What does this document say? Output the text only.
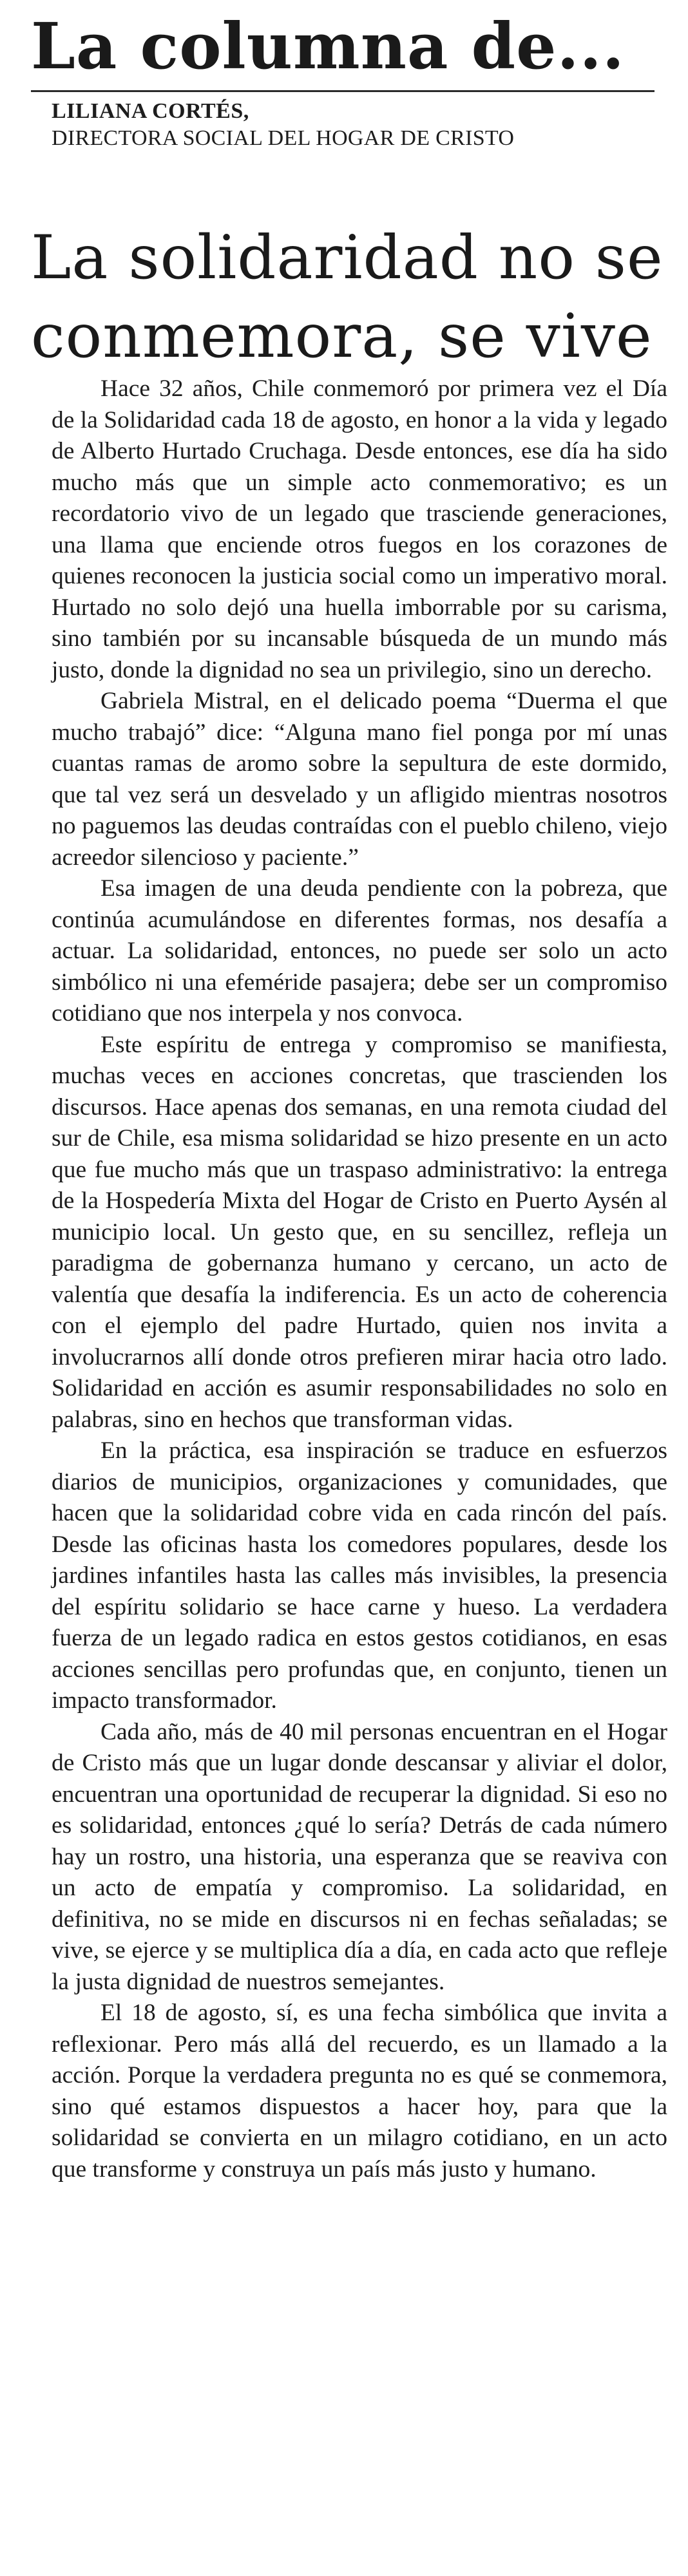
La columna de...
LILIANA CORTÉS,
DIRECTORA SOCIAL DEL HOGAR DE CRISTO
La solidaridad no se conmemora, se vive

Hace 32 años, Chile conmemoró por primera vez el Día de la Solidaridad cada 18 de agosto, en honor a la vida y legado de Alberto Hurtado Cruchaga. Desde entonces, ese día ha sido mucho más que un simple acto conmemorativo; es un recordatorio vivo de un legado que trasciende generaciones, una llama que enciende otros fuegos en los corazones de quienes reconocen la justicia social como un imperativo moral. Hurtado no solo dejó una huella imborrable por su carisma, sino también por su incansable búsqueda de un mundo más justo, donde la dignidad no sea un privilegio, sino un derecho.

Gabriela Mistral, en el delicado poema “Duerma el que mucho trabajó” dice: “Alguna mano fiel ponga por mí unas cuantas ramas de aromo sobre la sepultura de este dormido, que tal vez será un desvelado y un afligido mientras nosotros no paguemos las deudas contraídas con el pueblo chileno, viejo acreedor silencioso y paciente.”

Esa imagen de una deuda pendiente con la pobreza, que continúa acumulándose en diferentes formas, nos desafía a actuar. La solidaridad, entonces, no puede ser solo un acto simbólico ni una efeméride pasajera; debe ser un compromiso cotidiano que nos interpela y nos convoca.

Este espíritu de entrega y compromiso se manifiesta, muchas veces en acciones concretas, que trascienden los discursos. Hace apenas dos semanas, en una remota ciudad del sur de Chile, esa misma solidaridad se hizo presente en un acto que fue mucho más que un traspaso administrativo: la entrega de la Hospedería Mixta del Hogar de Cristo en Puerto Aysén al municipio local. Un gesto que, en su sencillez, refleja un paradigma de gobernanza humano y cercano, un acto de valentía que desafía la indiferencia. Es un acto de coherencia con el ejemplo del padre Hurtado, quien nos invita a involucrarnos allí donde otros prefieren mirar hacia otro lado. Solidaridad en acción es asumir responsabilidades no solo en palabras, sino en hechos que transforman vidas.

En la práctica, esa inspiración se traduce en esfuerzos diarios de municipios, organizaciones y comunidades, que hacen que la solidaridad cobre vida en cada rincón del país. Desde las oficinas hasta los comedores populares, desde los jardines infantiles hasta las calles más invisibles, la presencia del espíritu solidario se hace carne y hueso. La verdadera fuerza de un legado radica en estos gestos cotidianos, en esas acciones sencillas pero profundas que, en conjunto, tienen un impacto transformador.

Cada año, más de 40 mil personas encuentran en el Hogar de Cristo más que un lugar donde descansar y aliviar el dolor, encuentran una oportunidad de recuperar la dignidad. Si eso no es solidaridad, entonces ¿qué lo sería? Detrás de cada número hay un rostro, una historia, una esperanza que se reaviva con un acto de empatía y compromiso. La solidaridad, en definitiva, no se mide en discursos ni en fechas señaladas; se vive, se ejerce y se multiplica día a día, en cada acto que refleje la justa dignidad de nuestros semejantes.

El 18 de agosto, sí, es una fecha simbólica que invita a reflexionar. Pero más allá del recuerdo, es un llamado a la acción. Porque la verdadera pregunta no es qué se conmemora, sino qué estamos dispuestos a hacer hoy, para que la solidaridad se convierta en un milagro cotidiano, en un acto que transforme y construya un país más justo y humano.
